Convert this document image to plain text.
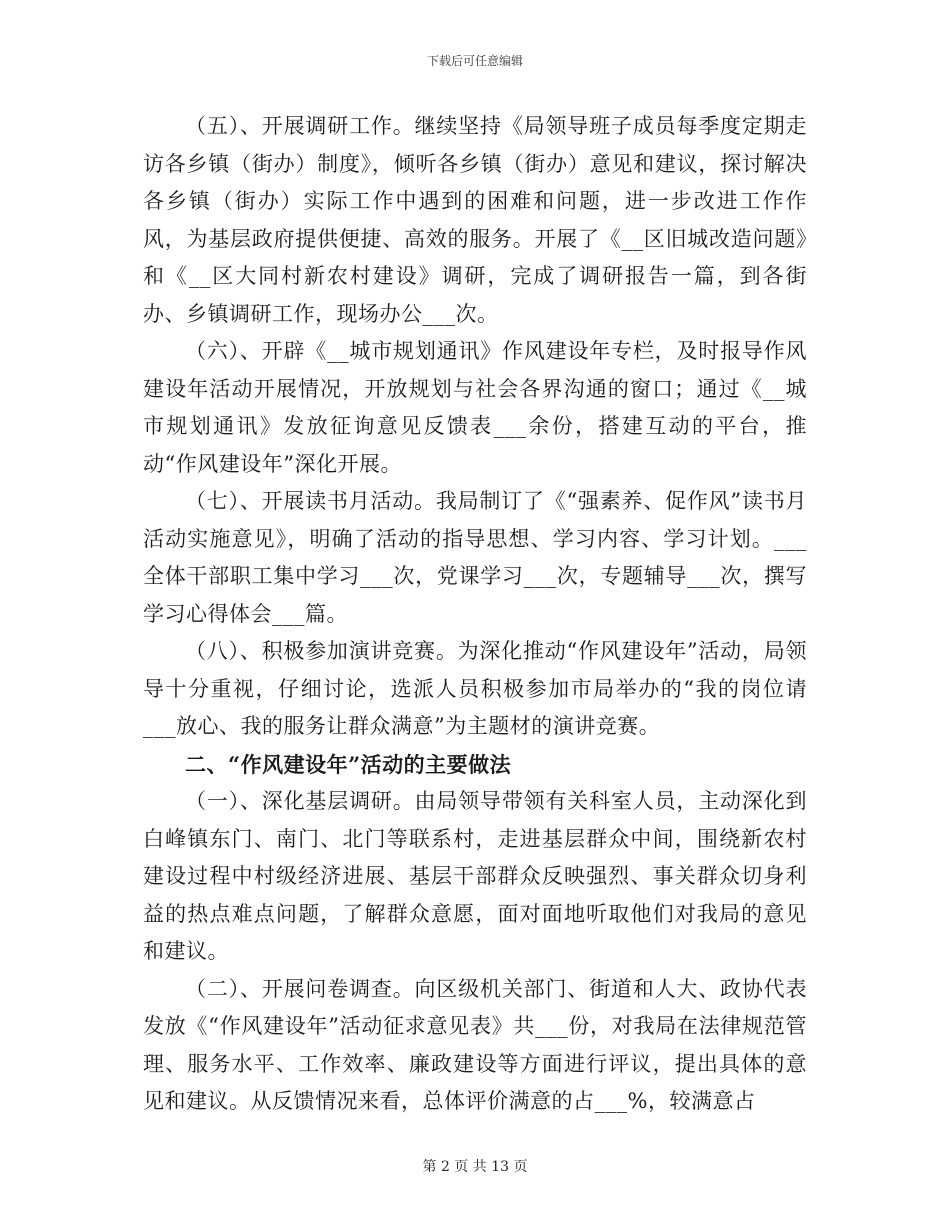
下载后可任意编辑

（五）、开展调研工作。继续坚持《局领导班子成员每季度定期走访各乡镇（街办）制度》，倾听各乡镇（街办）意见和建议，探讨解决各乡镇（街办）实际工作中遇到的困难和问题，进一步改进工作作风，为基层政府提供便捷、高效的服务。开展了《__区旧城改造问题》和《__区大同村新农村建设》调研，完成了调研报告一篇，到各街办、乡镇调研工作，现场办公___次。

（六）、开辟《__城市规划通讯》作风建设年专栏，及时报导作风建设年活动开展情况，开放规划与社会各界沟通的窗口；通过《__城市规划通讯》发放征询意见反馈表___余份，搭建互动的平台，推动“作风建设年”深化开展。

（七）、开展读书月活动。我局制订了《“强素养、促作风”读书月活动实施意见》，明确了活动的指导思想、学习内容、学习计划。___全体干部职工集中学习___次，党课学习___次，专题辅导___次，撰写学习心得体会___篇。

（八）、积极参加演讲竞赛。为深化推动“作风建设年”活动，局领导十分重视，仔细讨论，选派人员积极参加市局举办的“我的岗位请___放心、我的服务让群众满意”为主题材的演讲竞赛。

二、“作风建设年”活动的主要做法

（一）、深化基层调研。由局领导带领有关科室人员，主动深化到白峰镇东门、南门、北门等联系村，走进基层群众中间，围绕新农村建设过程中村级经济进展、基层干部群众反映强烈、事关群众切身利益的热点难点问题，了解群众意愿，面对面地听取他们对我局的意见和建议。

（二）、开展问卷调查。向区级机关部门、街道和人大、政协代表发放《“作风建设年”活动征求意见表》共___份，对我局在法律规范管理、服务水平、工作效率、廉政建设等方面进行评议，提出具体的意见和建议。从反馈情况来看，总体评价满意的占___%，较满意占

第 2 页 共 13 页
